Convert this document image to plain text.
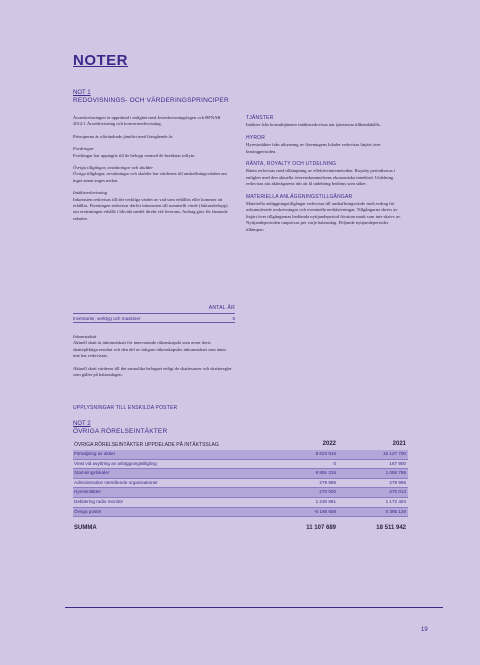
NOTER
NOT 1
REDOVISNINGS- OCH VÄRDERINGSPRINCIPER

Årsredovisningen är upprättad i enlighet med årsredovisningslagen och BFNAR 2012:1 Årsredovisning och koncernredovisning.

Principerna är oförändrade jämfört med föregående år.

Fordringar
Fordringar har upptagits till de belopp varmed de beräknas inflyta.

Övriga tillgångar, avsättningar och skulder
Övriga tillgångar, avsättningar och skulder har värderats till anskaffningsvärden om inget annat anges nedan.

Intäktsredovisning
Inkomsten redovisas till det verkliga värdet av vad som erhållits eller kommer att erhållas. Föreningen redovisar därför inkomsten till nominellt värde (fakturabelopp) om ersättningen erhålls i likvida medel direkt vid leverans. Avdrag görs för lämnade rabatter.

TJÄNSTER
Intäkter från konsulttjänster intäktsredovisas när tjänsterna tillhandahålls.

HYROR
Hyresintäkter från uthyrning av föreningens lokaler redovisas linjärt över leasingperioden.

RÄNTA, ROYALTY OCH UTDELNING
Ränta redovisas med tillämpning av effektivräntemetoden. Royalty periodiseras i enlighet med den aktuella överenskommelsens ekonomiska innebörd. Utdelning redovisas när aktieägarens rätt att få utdelning bedöms som säker.

MATERIELLA ANLÄGGNINGSTILLGÅNGAR
Materiella anläggningstillgångar redovisas till anskaffningsvärde med avdrag för ackumulerade avskrivningar och eventuella nedskrivningar. Tillgångarna skrivs av linjärt över tillgångarnas bedömda nyttjandeperiod förutom mark som inte skrivs av. Nyttjandeperioden omprövas per varje balansdag. Följande nyttjandeperioder tillämpas:

ANTAL ÅR
Inventarier, verktyg och maskiner	5

Inkomstskatt
Aktuell skatt är inkomstskatt för innevarande räkenskapsår som avser årets skattepliktiga resultat och den del av tidigare räkenskapsårs inkomstskatt som ännu inte har redovisats.

Aktuell skatt värderas till det sannolika beloppet enligt de skattesatser och skatteregler som gäller på balansdagen.

UPPLYSNINGAR TILL ENSKILDA POSTER
NOT 2
ÖVRIGA RÖRELSEINTÄKTER
ÖVRIGA RÖRELSEINTÄKTER UPPDELADE PÅ INTÄKTSSLAG	2022	2021
Försäljning av aktier	8 623 916	15 127 700
Vinst vid avyttring av anläggningstillgång	0	167 900
Stamningslokaler	6 891 316	1 058 795
Administration närstående organisationer	279 996	279 996
Hyresintäkter	270 000	270 013
Debitering radio monitor	1 230 881	1 172 404
Övriga poster	-6 195 658	0 395 129
SUMMA	11 107 689	18 511 942
19
